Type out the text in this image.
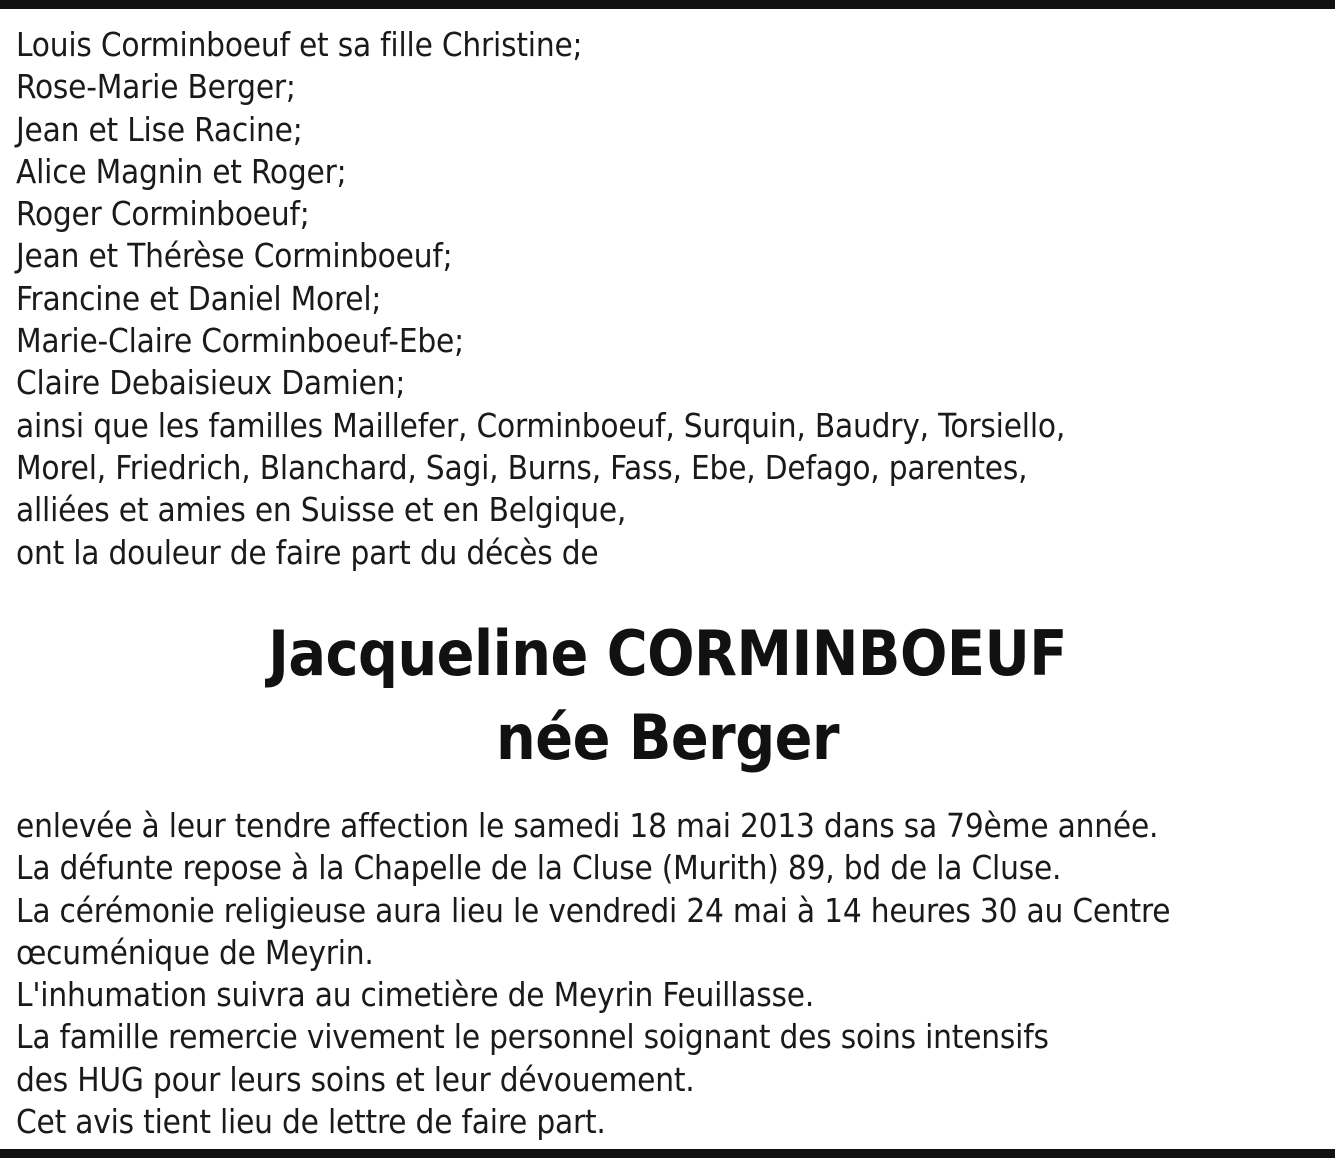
Louis Corminboeuf et sa fille Christine;
Rose-Marie Berger;
Jean et Lise Racine;
Alice Magnin et Roger;
Roger Corminboeuf;
Jean et Thérèse Corminboeuf;
Francine et Daniel Morel;
Marie-Claire Corminboeuf-Ebe;
Claire Debaisieux Damien;
ainsi que les familles Maillefer, Corminboeuf, Surquin, Baudry, Torsiello,
Morel, Friedrich, Blanchard, Sagi, Burns, Fass, Ebe, Defago, parentes,
alliées et amies en Suisse et en Belgique,
ont la douleur de faire part du décès de
Jacqueline CORMINBOEUF
née Berger
enlevée à leur tendre affection le samedi 18 mai 2013 dans sa 79ème année.
La défunte repose à la Chapelle de la Cluse (Murith) 89, bd de la Cluse.
La cérémonie religieuse aura lieu le vendredi 24 mai à 14 heures 30 au Centre
œcuménique de Meyrin.
L'inhumation suivra au cimetière de Meyrin Feuillasse.
La famille remercie vivement le personnel soignant des soins intensifs
des HUG pour leurs soins et leur dévouement.
Cet avis tient lieu de lettre de faire part.
